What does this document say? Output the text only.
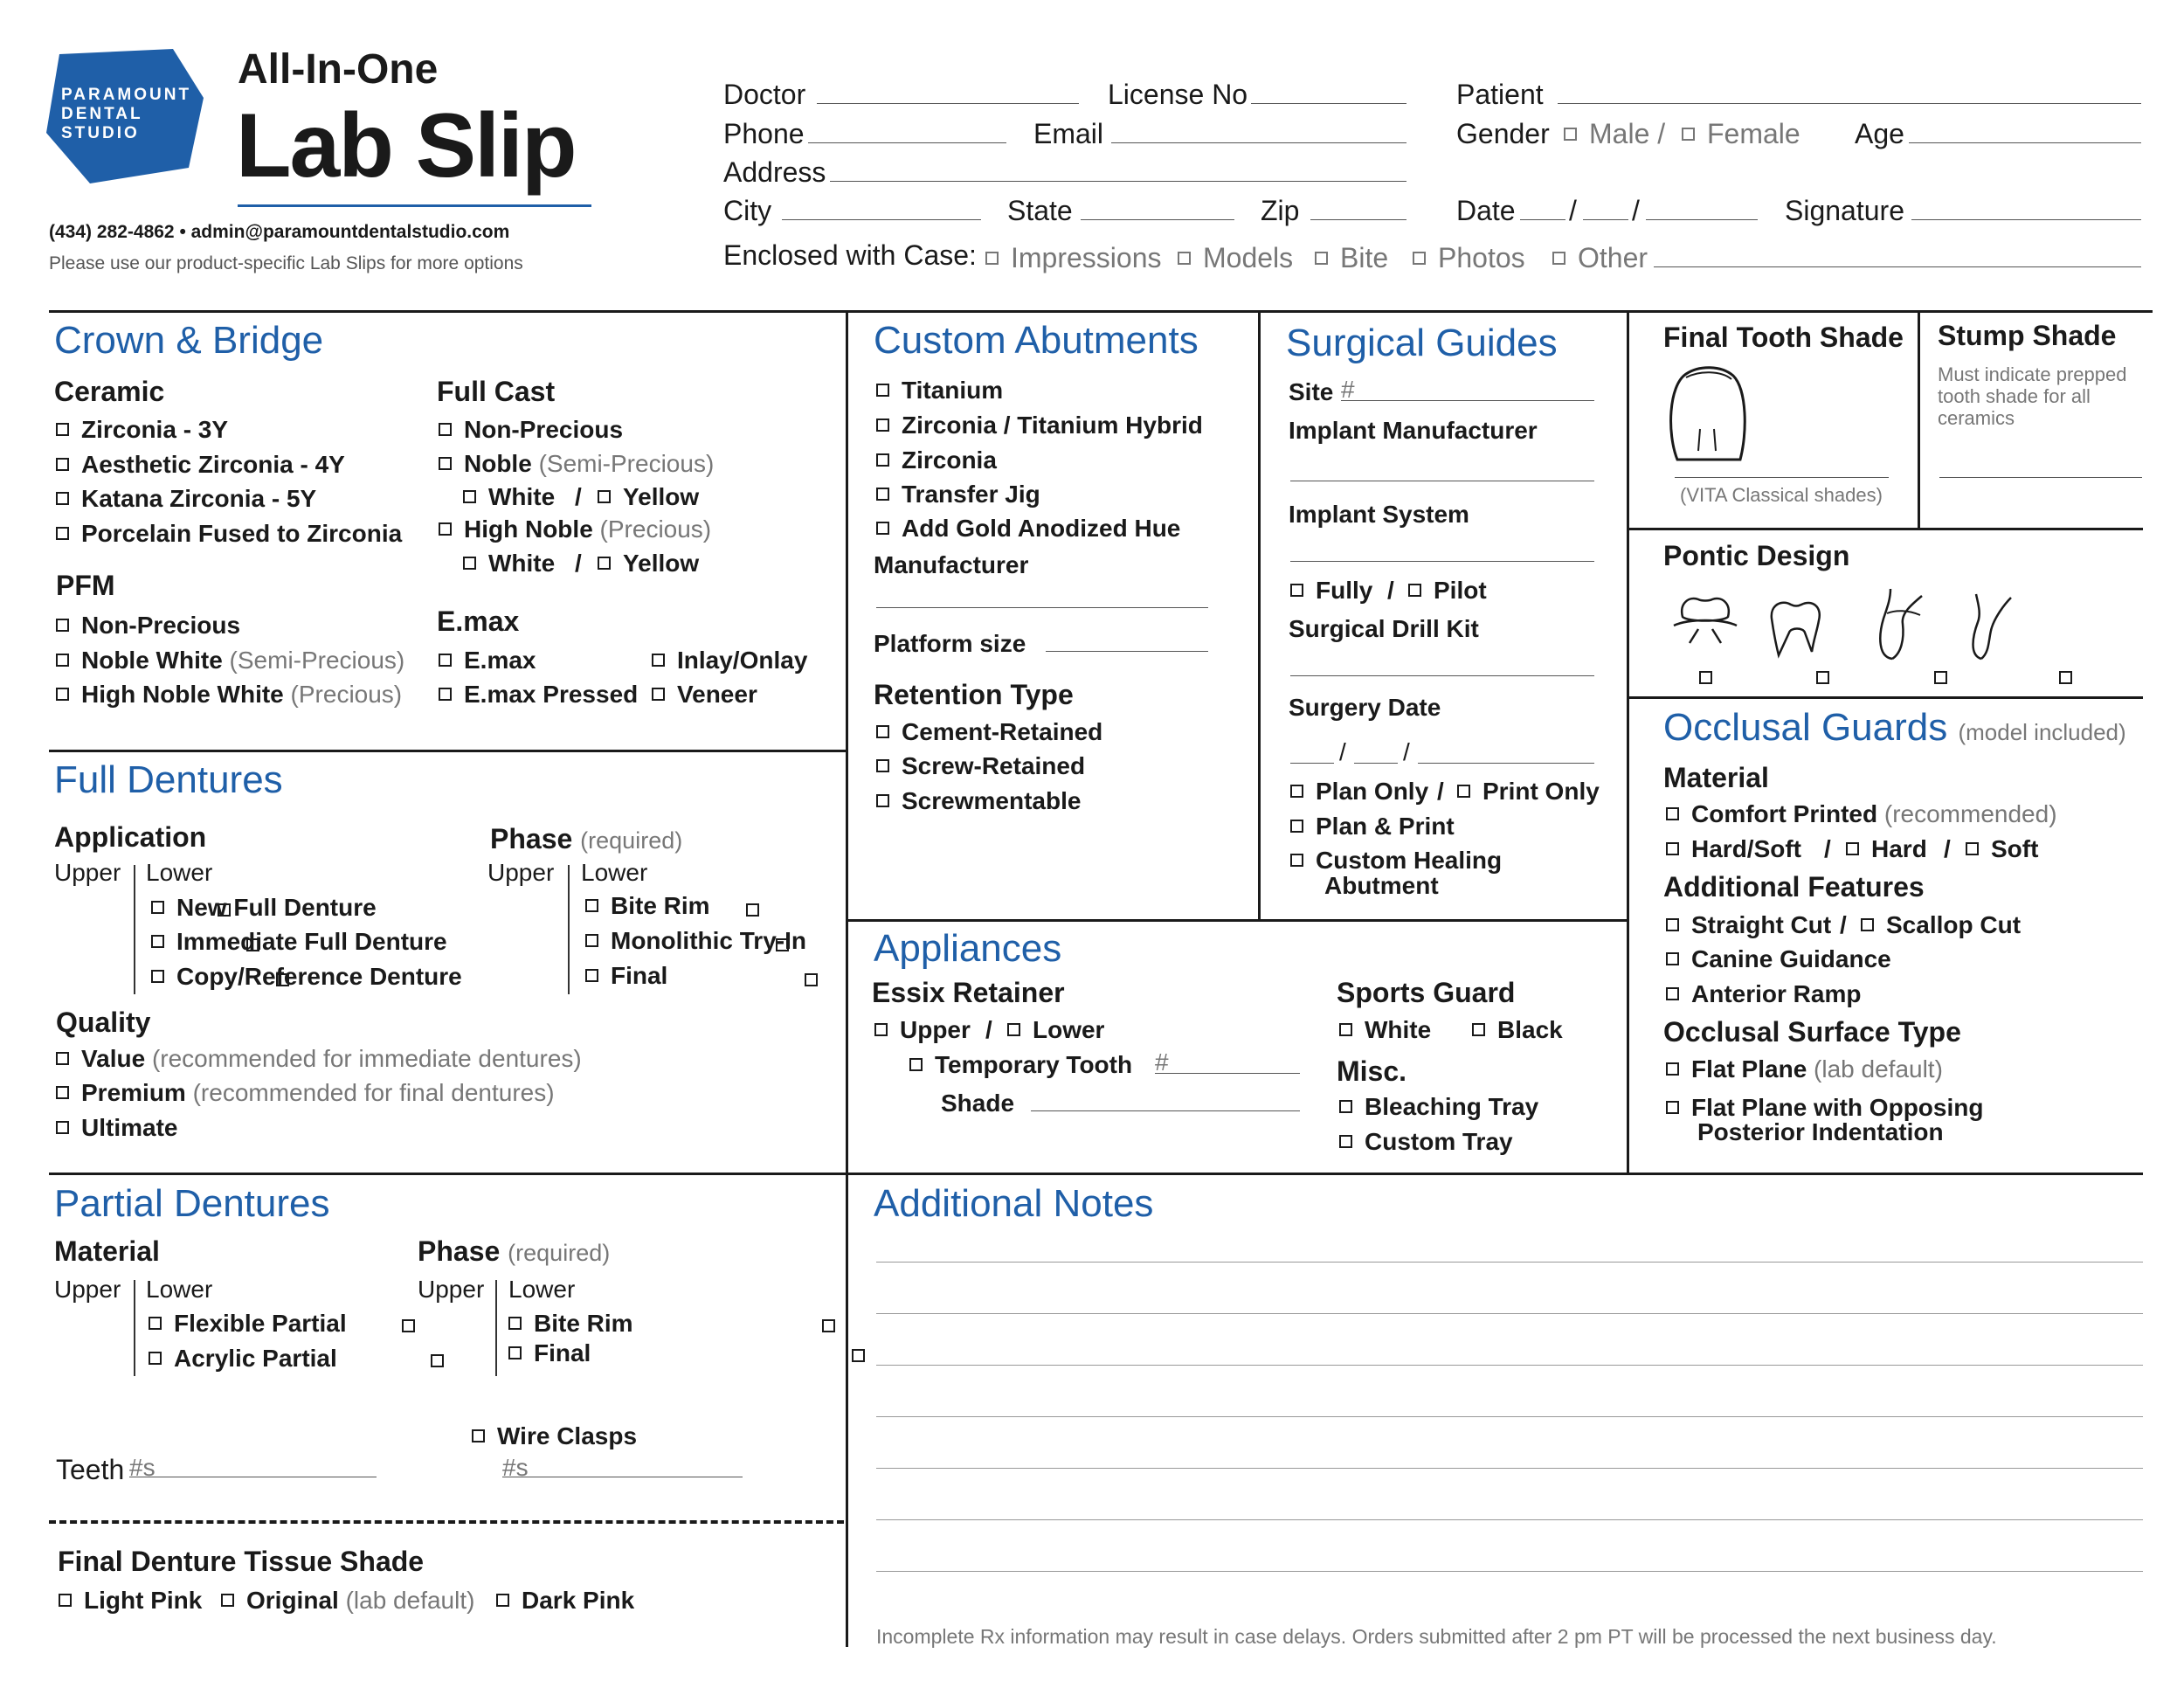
PARAMOUNT
DENTAL
STUDIO
All-In-One
Lab Slip
(434) 282-4862 • admin@paramountdentalstudio.com
Please use our product-specific Lab Slips for more options
Doctor	License No	Patient
Phone	Email	Gender	Male /	Female Age
Address
City	State	Zip	Date / /	Signature
Enclosed with Case:	Impressions	Models	Bite	Photos	Other
Crown & Bridge
Ceramic
Zirconia - 3Y
Aesthetic Zirconia - 4Y
Katana Zirconia - 5Y
Porcelain Fused to Zirconia
Full Cast
Non-Precious
Noble (Semi-Precious)
White /	Yellow
High Noble (Precious)
White /	Yellow
PFM
Non-Precious
Noble White (Semi-Precious)
High Noble White (Precious)
E.max
E.max
E.max Pressed
Inlay/Onlay
Veneer
Custom Abutments
Titanium
Zirconia / Titanium Hybrid
Zirconia
Transfer Jig
Add Gold Anodized Hue
Manufacturer
Platform size
Retention Type
Cement-Retained
Screw-Retained
Screwmentable
Surgical Guides
Site #
Implant Manufacturer
Implant System
Fully /	Pilot
Surgical Drill Kit
Surgery Date
/ /
Plan Only /	Print Only
Plan & Print
Custom Healing
Abutment
Final Tooth Shade
(VITA Classical shades)
Stump Shade
Must indicate prepped tooth shade for all ceramics
Pontic Design

Occlusal Guards (model included)
Material
Comfort Printed (recommended)
Hard/Soft /	Hard /	Soft
Additional Features
Straight Cut /	Scallop Cut
Canine Guidance
Anterior Ramp
Occlusal Surface Type
Flat Plane (lab default)
Flat Plane with Opposing
Posterior Indentation
Full Dentures
Application
Upper Lower

New Full Denture
Immediate Full Denture
Copy/Reference Denture
Phase (required)
Upper Lower

Bite Rim
Monolithic Try-In
Final
Quality
Value (recommended for immediate dentures)
Premium (recommended for final dentures)
Ultimate
Appliances
Essix Retainer
Upper /	Lower
Temporary Tooth #
Shade
Sports Guard
White	Black
Misc.
Bleaching Tray
Custom Tray
Partial Dentures
Material
Upper Lower

Flexible Partial
Acrylic Partial
Phase (required)
Upper Lower

Bite Rim
Final
Wire Clasps
#s
Teeth #s
Final Denture Tissue Shade
Light Pink	Original (lab default)	Dark Pink
Additional Notes
Incomplete Rx information may result in case delays. Orders submitted after 2 pm PT will be processed the next business day.
